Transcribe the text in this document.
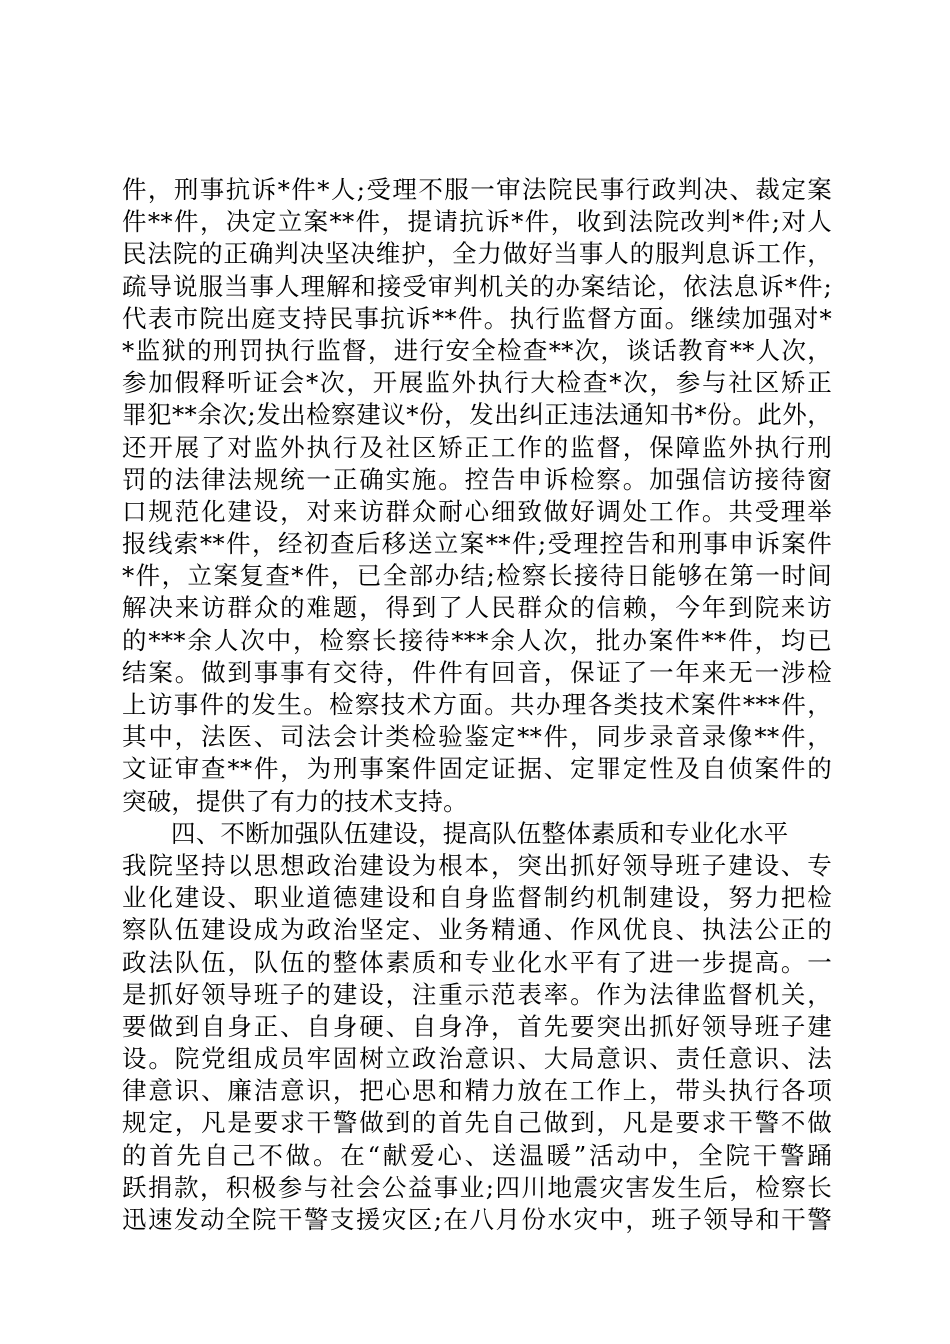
件，刑事抗诉*件*人;受理不服一审法院民事行政判决、裁定案
件**件，决定立案**件，提请抗诉*件，收到法院改判*件;对人
民法院的正确判决坚决维护，全力做好当事人的服判息诉工作，
疏导说服当事人理解和接受审判机关的办案结论，依法息诉*件;
代表市院出庭支持民事抗诉**件。执行监督方面。继续加强对*
*监狱的刑罚执行监督，进行安全检查**次，谈话教育**人次，
参加假释听证会*次，开展监外执行大检查*次，参与社区矫正
罪犯**余次;发出检察建议*份，发出纠正违法通知书*份。此外，
还开展了对监外执行及社区矫正工作的监督，保障监外执行刑
罚的法律法规统一正确实施。控告申诉检察。加强信访接待窗
口规范化建设，对来访群众耐心细致做好调处工作。共受理举
报线索**件，经初查后移送立案**件;受理控告和刑事申诉案件
*件，立案复查*件，已全部办结;检察长接待日能够在第一时间
解决来访群众的难题，得到了人民群众的信赖，今年到院来访
的***余人次中，检察长接待***余人次，批办案件**件，均已
结案。做到事事有交待，件件有回音，保证了一年来无一涉检
上访事件的发生。检察技术方面。共办理各类技术案件***件，
其中，法医、司法会计类检验鉴定**件，同步录音录像**件，
文证审查**件，为刑事案件固定证据、定罪定性及自侦案件的
突破，提供了有力的技术支持。
四、不断加强队伍建设，提高队伍整体素质和专业化水平
我院坚持以思想政治建设为根本，突出抓好领导班子建设、专
业化建设、职业道德建设和自身监督制约机制建设，努力把检
察队伍建设成为政治坚定、业务精通、作风优良、执法公正的
政法队伍，队伍的整体素质和专业化水平有了进一步提高。一
是抓好领导班子的建设，注重示范表率。作为法律监督机关，
要做到自身正、自身硬、自身净，首先要突出抓好领导班子建
设。院党组成员牢固树立政治意识、大局意识、责任意识、法
律意识、廉洁意识，把心思和精力放在工作上，带头执行各项
规定，凡是要求干警做到的首先自己做到，凡是要求干警不做
的首先自己不做。在“献爱心、送温暖”活动中，全院干警踊
跃捐款，积极参与社会公益事业;四川地震灾害发生后，检察长
迅速发动全院干警支援灾区;在八月份水灾中，班子领导和干警
